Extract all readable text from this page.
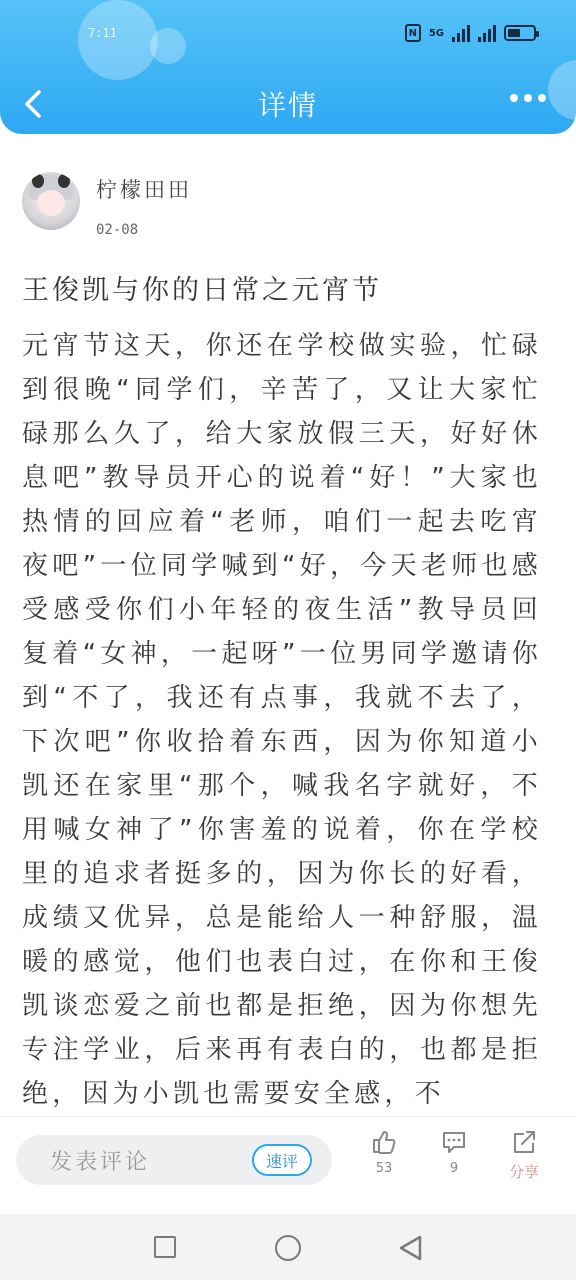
7:11	N	5G
详情
柠檬田田
02-08
王俊凯与你的日常之元宵节
元宵节这天，你还在学校做实验，忙碌到很晚“同学们，辛苦了，又让大家忙碌那么久了，给大家放假三天，好好休息吧”教导员开心的说着“好！”大家也热情的回应着“老师，咱们一起去吃宵夜吧”一位同学喊到“好，今天老师也感受感受你们小年轻的夜生活”教导员回复着“女神，一起呀”一位男同学邀请你到“不了，我还有点事，我就不去了，下次吧”你收拾着东西，因为你知道小凯还在家里“那个，喊我名字就好，不用喊女神了”你害羞的说着，你在学校里的追求者挺多的，因为你长的好看，成绩又优异，总是能给人一种舒服，温暖的感觉，他们也表白过，在你和王俊凯谈恋爱之前也都是拒绝，因为你想先专注学业，后来再有表白的，也都是拒绝，因为小凯也需要安全感，不
发表评论	速评	53	9	分享
